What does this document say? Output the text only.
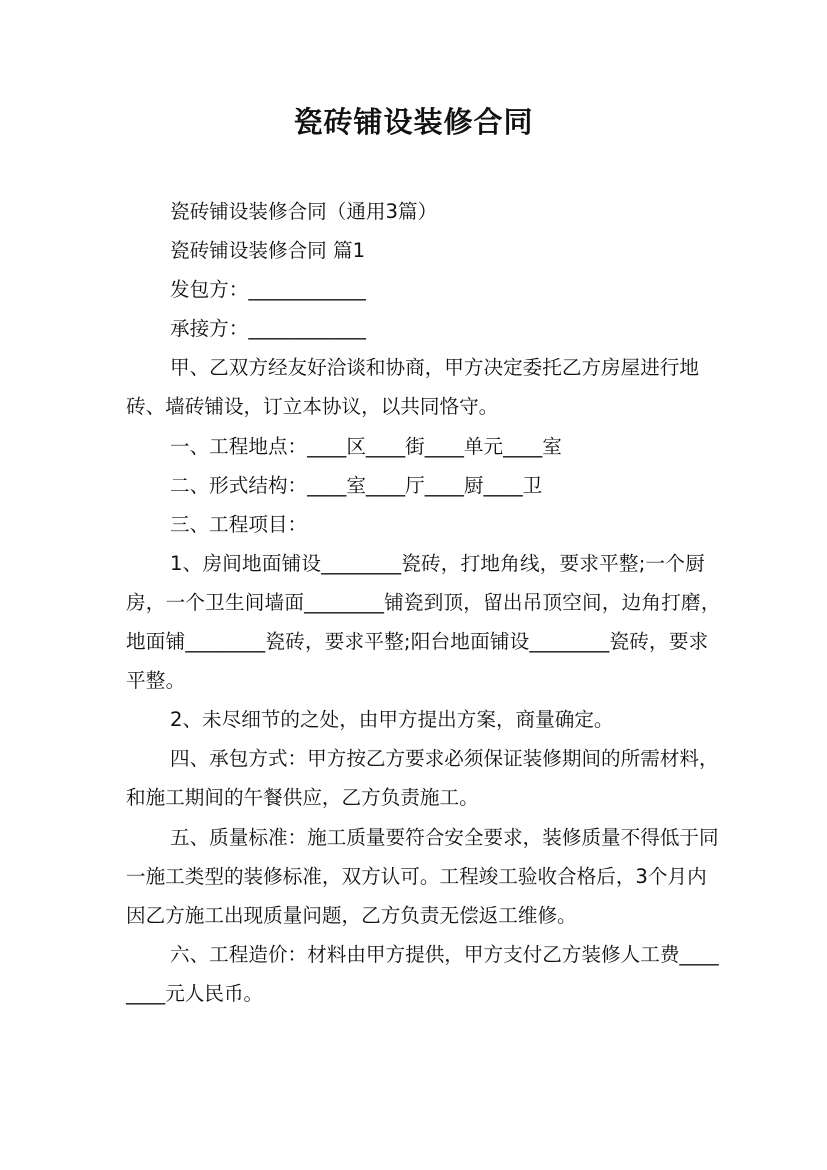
瓷砖铺设装修合同

瓷砖铺设装修合同（通用3篇）

瓷砖铺设装修合同 篇1

发包方：____________

承接方：____________

甲、乙双方经友好洽谈和协商，甲方决定委托乙方房屋进行地砖、墙砖铺设，订立本协议，以共同恪守。

一、工程地点：____区____街____单元____室

二、形式结构：____室____厅____厨____卫

三、工程项目：

1、房间地面铺设________瓷砖，打地角线，要求平整;一个厨房，一个卫生间墙面________铺瓷到顶，留出吊顶空间，边角打磨，地面铺________瓷砖，要求平整;阳台地面铺设________瓷砖，要求平整。

2、未尽细节的之处，由甲方提出方案，商量确定。

四、承包方式：甲方按乙方要求必须保证装修期间的所需材料，和施工期间的午餐供应，乙方负责施工。

五、质量标准：施工质量要符合安全要求，装修质量不得低于同一施工类型的装修标准，双方认可。工程竣工验收合格后，3个月内因乙方施工出现质量问题，乙方负责无偿返工维修。

六、工程造价：材料由甲方提供，甲方支付乙方装修人工费________元人民币。
